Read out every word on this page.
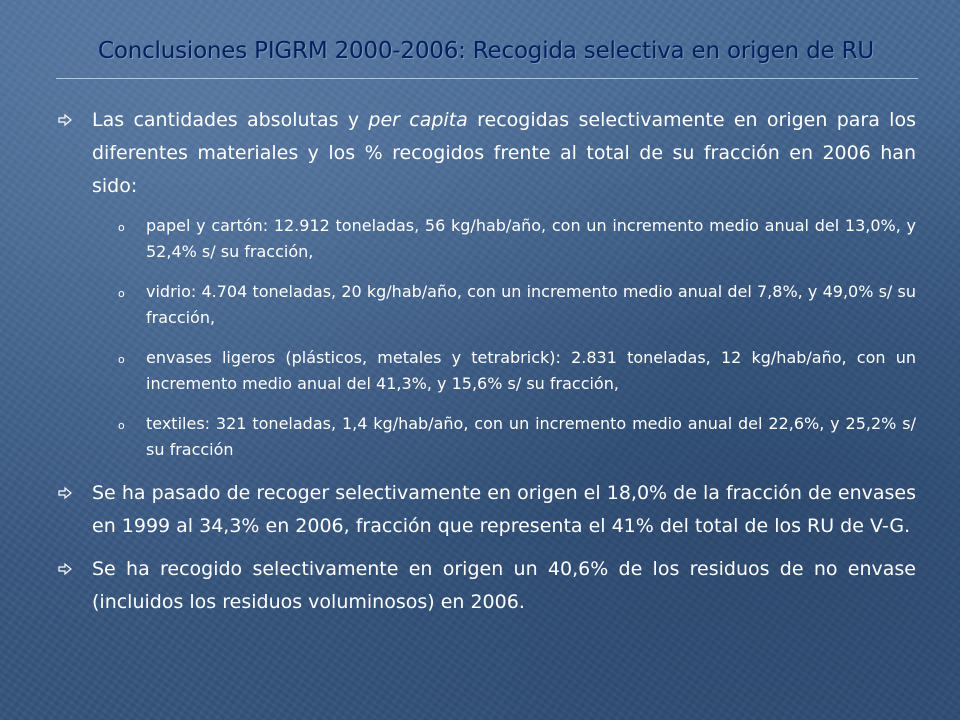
Conclusiones PIGRM 2000-2006: Recogida selectiva en origen de RU
Las cantidades absolutas y per capita recogidas selectivamente en origen para los diferentes materiales y los % recogidos frente al total de su fracción en 2006 han sido:
o papel y cartón: 12.912 toneladas, 56 kg/hab/año, con un incremento medio anual del 13,0%, y 52,4% s/ su fracción,
o vidrio: 4.704 toneladas, 20 kg/hab/año, con un incremento medio anual del 7,8%, y 49,0% s/ su fracción,
o envases ligeros (plásticos, metales y tetrabrick): 2.831 toneladas, 12 kg/hab/año, con un incremento medio anual del 41,3%, y 15,6% s/ su fracción,
o textiles: 321 toneladas, 1,4 kg/hab/año, con un incremento medio anual del 22,6%, y 25,2% s/ su fracción
Se ha pasado de recoger selectivamente en origen el 18,0% de la fracción de envases en 1999 al 34,3% en 2006, fracción que representa el 41% del total de los RU de V-G.
Se ha recogido selectivamente en origen un 40,6% de los residuos de no envase (incluidos los residuos voluminosos) en 2006.
